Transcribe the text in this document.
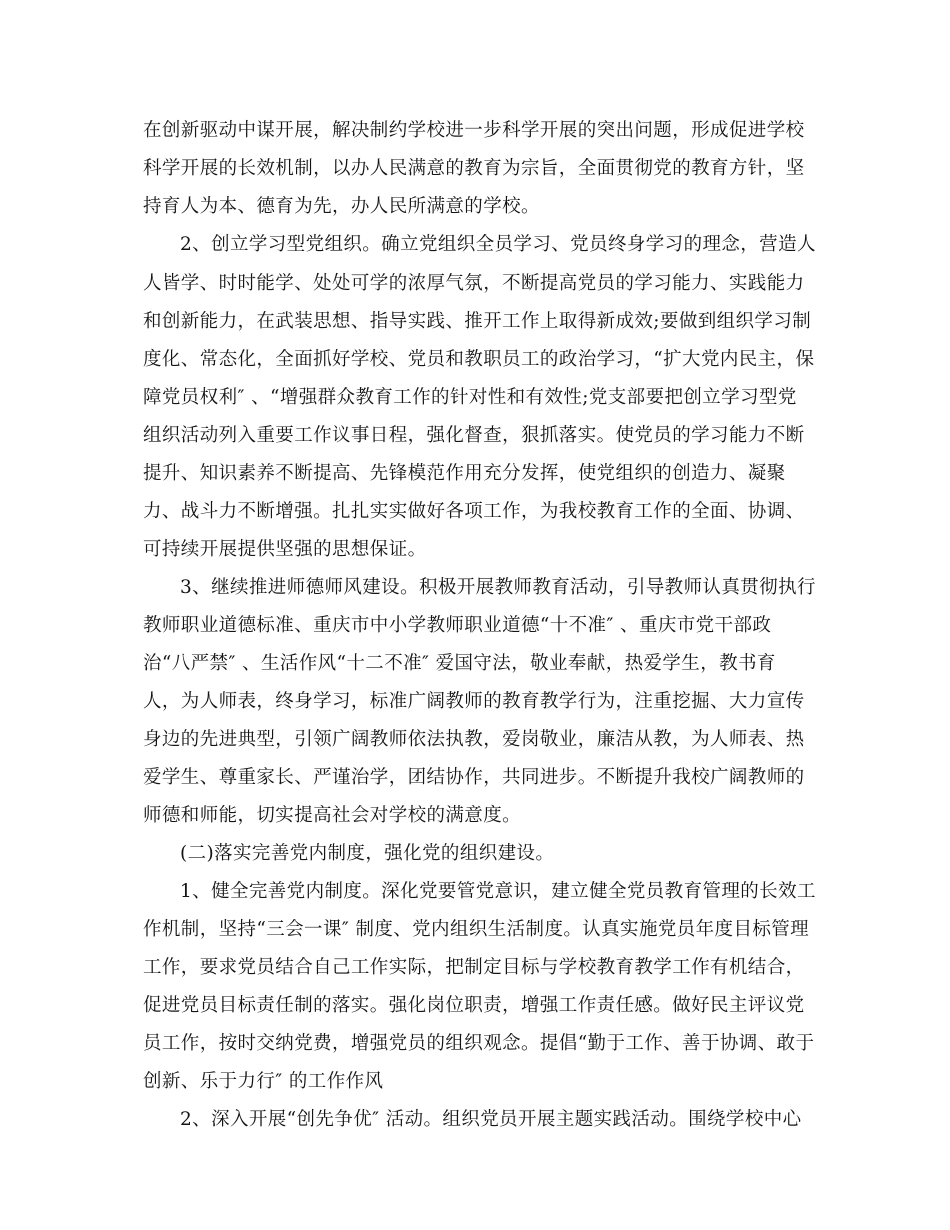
在创新驱动中谋开展，解决制约学校进一步科学开展的突出问题，形成促进学校
科学开展的长效机制，以办人民满意的教育为宗旨，全面贯彻党的教育方针，坚
持育人为本、德育为先，办人民所满意的学校。
2、创立学习型党组织。确立党组织全员学习、党员终身学习的理念，营造人
人皆学、时时能学、处处可学的浓厚气氛，不断提高党员的学习能力、实践能力
和创新能力，在武装思想、指导实践、推开工作上取得新成效;要做到组织学习制
度化、常态化，全面抓好学校、党员和教职员工的政治学习，“扩大党内民主，保
障党员权利″ 、“增强群众教育工作的针对性和有效性;党支部要把创立学习型党
组织活动列入重要工作议事日程，强化督查，狠抓落实。使党员的学习能力不断
提升、知识素养不断提高、先锋模范作用充分发挥，使党组织的创造力、凝聚
力、战斗力不断增强。扎扎实实做好各项工作，为我校教育工作的全面、协调、
可持续开展提供坚强的思想保证。
3、继续推进师德师风建设。积极开展教师教育活动，引导教师认真贯彻执行
教师职业道德标准、重庆市中小学教师职业道德“十不准″ 、重庆市党干部政
治“八严禁″ 、生活作风“十二不准″ 爱国守法，敬业奉献，热爱学生，教书育
人，为人师表，终身学习，标准广阔教师的教育教学行为，注重挖掘、大力宣传
身边的先进典型，引领广阔教师依法执教，爱岗敬业，廉洁从教，为人师表、热
爱学生、尊重家长、严谨治学，团结协作，共同进步。不断提升我校广阔教师的
师德和师能，切实提高社会对学校的满意度。
(二)落实完善党内制度，强化党的组织建设。
1、健全完善党内制度。深化党要管党意识，建立健全党员教育管理的长效工
作机制，坚持“三会一课″ 制度、党内组织生活制度。认真实施党员年度目标管理
工作，要求党员结合自己工作实际，把制定目标与学校教育教学工作有机结合，
促进党员目标责任制的落实。强化岗位职责，增强工作责任感。做好民主评议党
员工作，按时交纳党费，增强党员的组织观念。提倡“勤于工作、善于协调、敢于
创新、乐于力行″ 的工作作风
2、深入开展“创先争优″ 活动。组织党员开展主题实践活动。围绕学校中心
